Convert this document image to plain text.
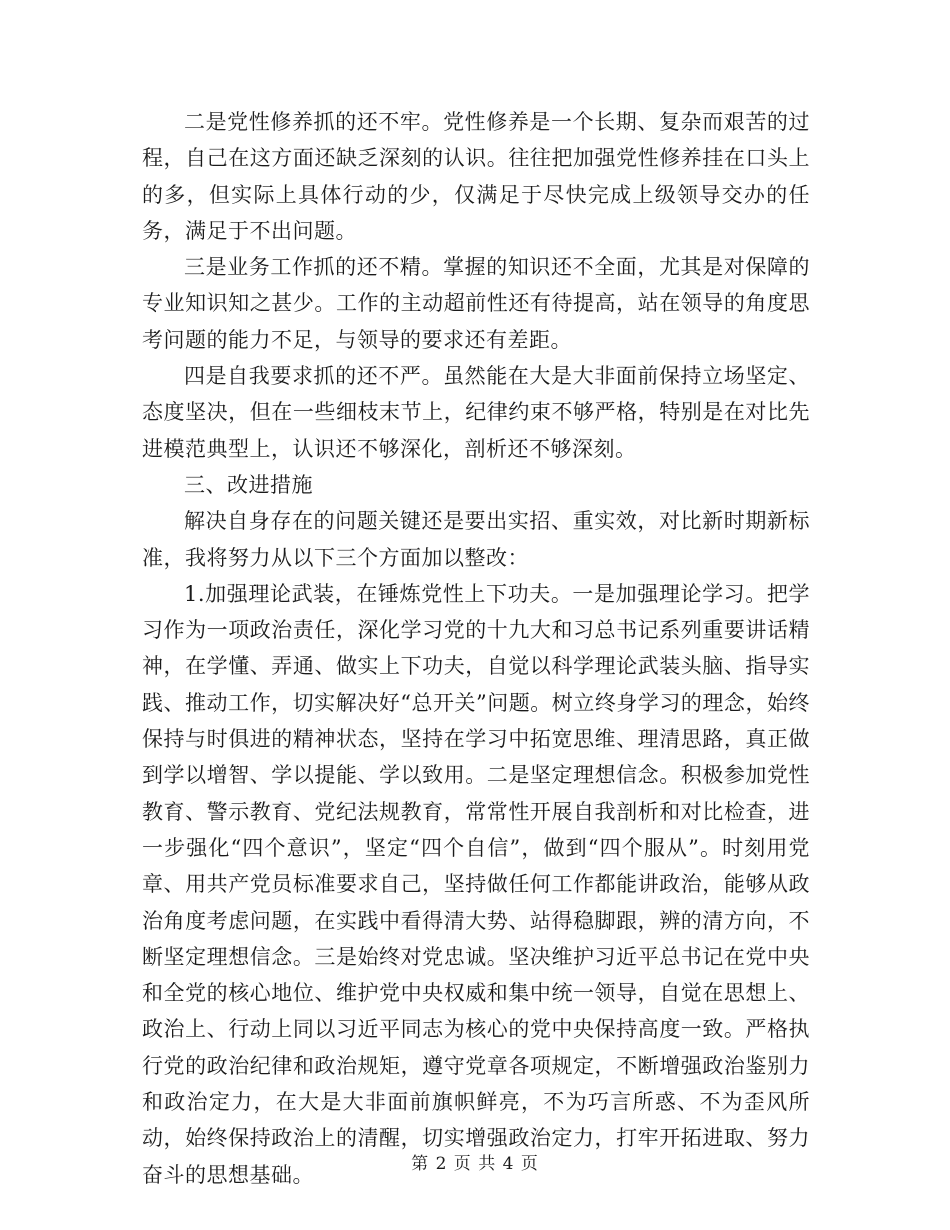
二是党性修养抓的还不牢。党性修养是一个长期、复杂而艰苦的过程，自己在这方面还缺乏深刻的认识。往往把加强党性修养挂在口头上的多，但实际上具体行动的少，仅满足于尽快完成上级领导交办的任务，满足于不出问题。

三是业务工作抓的还不精。掌握的知识还不全面，尤其是对保障的专业知识知之甚少。工作的主动超前性还有待提高，站在领导的角度思考问题的能力不足，与领导的要求还有差距。

四是自我要求抓的还不严。虽然能在大是大非面前保持立场坚定、态度坚决，但在一些细枝末节上，纪律约束不够严格，特别是在对比先进模范典型上，认识还不够深化，剖析还不够深刻。

三、改进措施

解决自身存在的问题关键还是要出实招、重实效，对比新时期新标准，我将努力从以下三个方面加以整改：

1.加强理论武装，在锤炼党性上下功夫。一是加强理论学习。把学习作为一项政治责任，深化学习党的十九大和习总书记系列重要讲话精神，在学懂、弄通、做实上下功夫，自觉以科学理论武装头脑、指导实践、推动工作，切实解决好“总开关”问题。树立终身学习的理念，始终保持与时俱进的精神状态，坚持在学习中拓宽思维、理清思路，真正做到学以增智、学以提能、学以致用。二是坚定理想信念。积极参加党性教育、警示教育、党纪法规教育，常常性开展自我剖析和对比检查，进一步强化“四个意识”，坚定“四个自信”，做到“四个服从”。时刻用党章、用共产党员标准要求自己，坚持做任何工作都能讲政治，能够从政治角度考虑问题，在实践中看得清大势、站得稳脚跟，辨的清方向，不断坚定理想信念。三是始终对党忠诚。坚决维护习近平总书记在党中央和全党的核心地位、维护党中央权威和集中统一领导，自觉在思想上、政治上、行动上同以习近平同志为核心的党中央保持高度一致。严格执行党的政治纪律和政治规矩，遵守党章各项规定，不断增强政治鉴别力和政治定力，在大是大非面前旗帜鲜亮，不为巧言所惑、不为歪风所动，始终保持政治上的清醒，切实增强政治定力，打牢开拓进取、努力奋斗的思想基础。	第 2 页 共 4 页
